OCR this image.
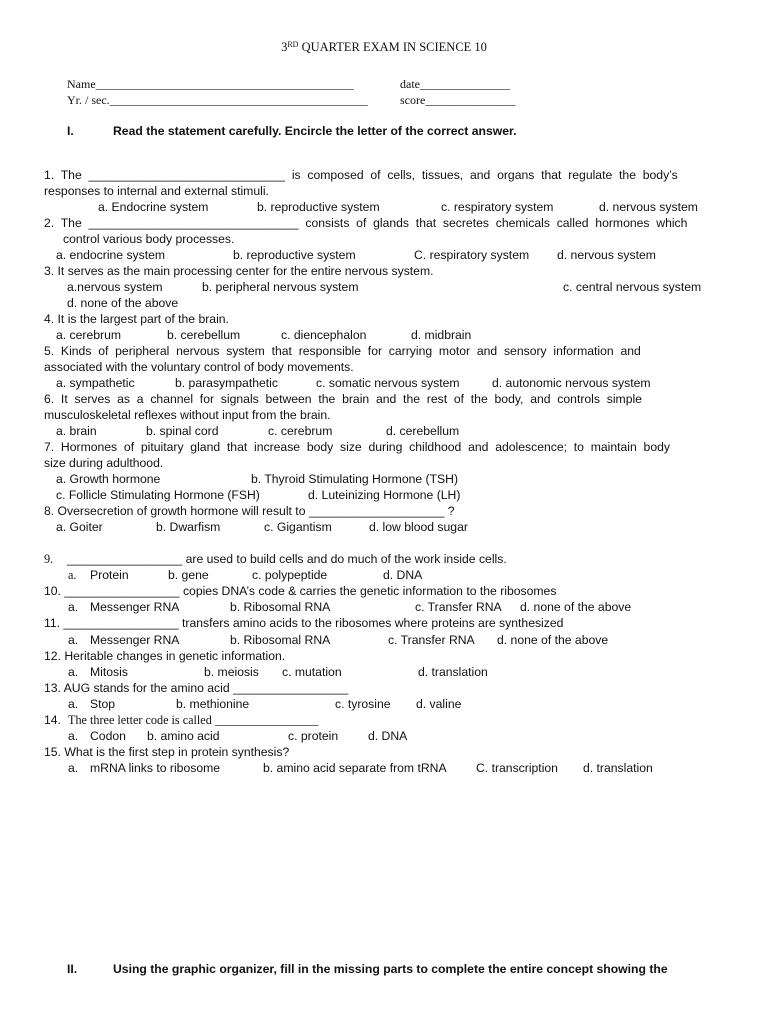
3RD QUARTER EXAM IN SCIENCE 10
Name___________________________________________	date_______________
Yr. / sec.___________________________________________	score_______________
I.	Read the statement carefully. Encircle the letter of the correct answer.
1.  The  _____________________________  is  composed  of  cells,  tissues,  and  organs  that  regulate  the  body’s
responses to internal and external stimuli.
a. Endocrine system	b. reproductive system	c. respiratory system	d. nervous system
2.  The  _______________________________  consists  of  glands  that  secretes  chemicals  called  hormones  which
control various body processes.
a. endocrine system	b. reproductive system	C. respiratory system d. nervous system
3. It serves as the main processing center for the entire nervous system.
a.nervous system	b. peripheral nervous system	c. central nervous system
d. none of the above
4. It is the largest part of the brain.
a. cerebrum	b. cerebellum	c. diencephalon	d. midbrain
5.  Kinds  of  peripheral  nervous  system  that  responsible  for  carrying  motor  and  sensory  information  and
associated with the voluntary control of body movements.
a. sympathetic	b. parasympathetic	c. somatic nervous system	d. autonomic nervous system
6.  It  serves  as  a  channel  for  signals  between  the  brain  and  the  rest  of  the  body,  and  controls  simple
musculoskeletal reflexes without input from the brain.
a. brain	b. spinal cord	c. cerebrum	d. cerebellum
7.  Hormones  of  pituitary  gland  that  increase  body  size  during  childhood  and  adolescence;  to  maintain  body
size during adulthood.
a. Growth hormone	b. Thyroid Stimulating Hormone (TSH)
c. Follicle Stimulating Hormone (FSH)	d. Luteinizing Hormone (LH)
8. Oversecretion of growth hormone will result to ____________________ ?
a. Goiter	b. Dwarfism	c. Gigantism	d. low blood sugar
9. _________________ are used to build cells and do much of the work inside cells.
a. Protein	b. gene	c. polypeptide	d. DNA
10. _________________ copies DNA’s code & carries the genetic information to the ribosomes
a. Messenger RNA	b. Ribosomal RNA	c. Transfer RNA d. none of the above
11. _________________ transfers amino acids to the ribosomes where proteins are synthesized
a. Messenger RNA	b. Ribosomal RNA	c. Transfer RNA d. none of the above
12. Heritable changes in genetic information.
a. Mitosis	b. meiosis c. mutation	d. translation
13. AUG stands for the amino acid _________________
a. Stop	b. methionine	c. tyrosine d. valine
14. The three letter code is called _________________
a. Codon b. amino acid	c. protein d. DNA
15. What is the first step in protein synthesis?
a. mRNA links to ribosome	b. amino acid separate from tRNA C. transcription d. translation
II.	Using the graphic organizer, fill in the missing parts to complete the entire concept showing the
